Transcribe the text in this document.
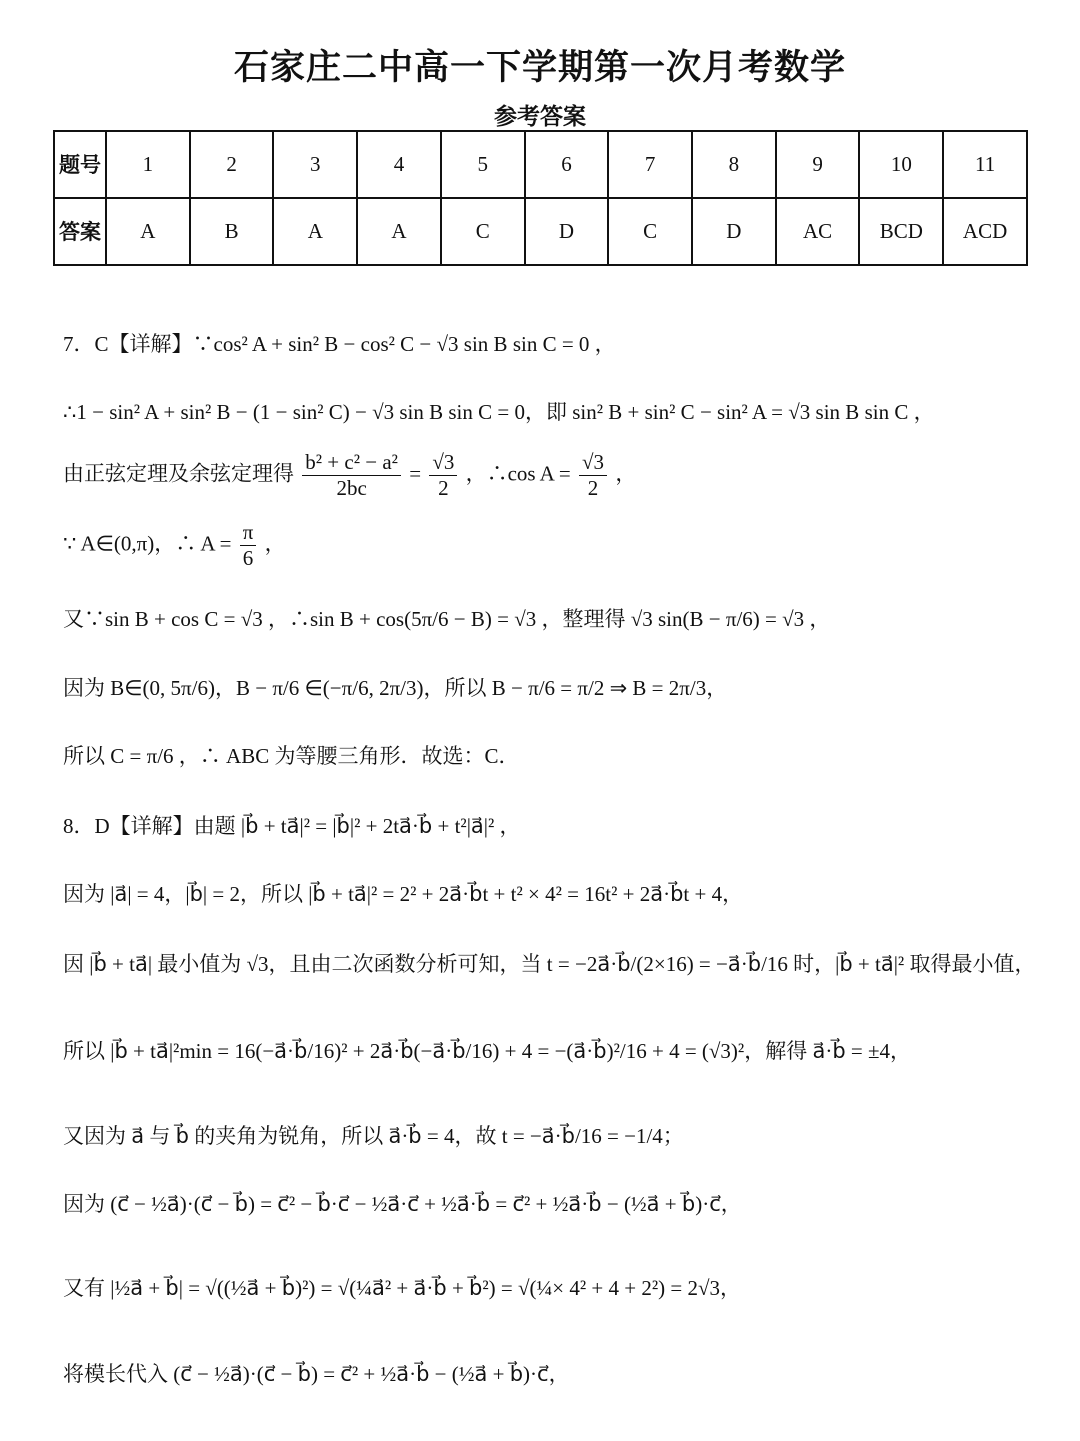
石家庄二中高一下学期第一次月考数学
参考答案
题号	1	2	3	4	5	6	7	8	9	10	11
答案	A	B	A	A	C	D	C	D	AC	BCD	ACD
7．C【详解】∵cos² A + sin² B − cos² C − √3 sin B sin C = 0 ，
∴1 − sin² A + sin² B − (1 − sin² C) − √3 sin B sin C = 0，即 sin² B + sin² C − sin² A = √3 sin B sin C ，
由正弦定理及余弦定理得 $\frac{\text{b² + c² − a²}}{2bc} = \frac{√3}{2}$ ，∴cos $A = \frac{√3}{2}$ ，
∵ A∈(0,π)，∴ $A = \frac{\pi}{6}$ ，
又∵sin B + cos C = √3 ，∴sin B + cos(5π/6 − B) = √3 ，整理得 √3 sin(B − π/6) = √3 ，
因为 B∈(0, 5π/6)，B − π/6 ∈(−π/6, 2π/3)，所以 B − π/6 = π/2 ⇒ B = 2π/3，
所以 C = π/6 ，∴ ABC 为等腰三角形．故选：C．
8．D【详解】由题 |b⃗ + ta⃗|² = |b⃗|² + 2ta⃗·b⃗ + t²|a⃗|² ，
因为 |a⃗| = 4，|b⃗| = 2，所以 |b⃗ + ta⃗|² = 2² + 2a⃗·b⃗t + t² × 4² = 16t² + 2a⃗·b⃗t + 4，
因 |b⃗ + ta⃗| 最小值为 √3，且由二次函数分析可知，当 t = −2a⃗·b⃗/(2×16) = −a⃗·b⃗/16 时，|b⃗ + ta⃗|² 取得最小值，
所以 |b⃗ + ta⃗|²min = 16(−a⃗·b⃗/16)² + 2a⃗·b⃗(−a⃗·b⃗/16) + 4 = −(a⃗·b⃗)²/16 + 4 = (√3)²，解得 a⃗·b⃗ = ±4，
又因为 a⃗ 与 b⃗ 的夹角为锐角，所以 a⃗·b⃗ = 4，故 t = −a⃗·b⃗/16 = −1/4；
因为 (c⃗ − ½a⃗)·(c⃗ − b⃗) = c⃗² − b⃗·c⃗ − ½a⃗·c⃗ + ½a⃗·b⃗ = c⃗² + ½a⃗·b⃗ − (½a⃗ + b⃗)·c⃗，
又有 |½a⃗ + b⃗| = √((½a⃗ + b⃗)²) = √(¼a⃗² + a⃗·b⃗ + b⃗²) = √(¼× 4² + 4 + 2²) = 2√3，
将模长代入 (c⃗ − ½a⃗)·(c⃗ − b⃗) = c⃗² + ½a⃗·b⃗ − (½a⃗ + b⃗)·c⃗，
